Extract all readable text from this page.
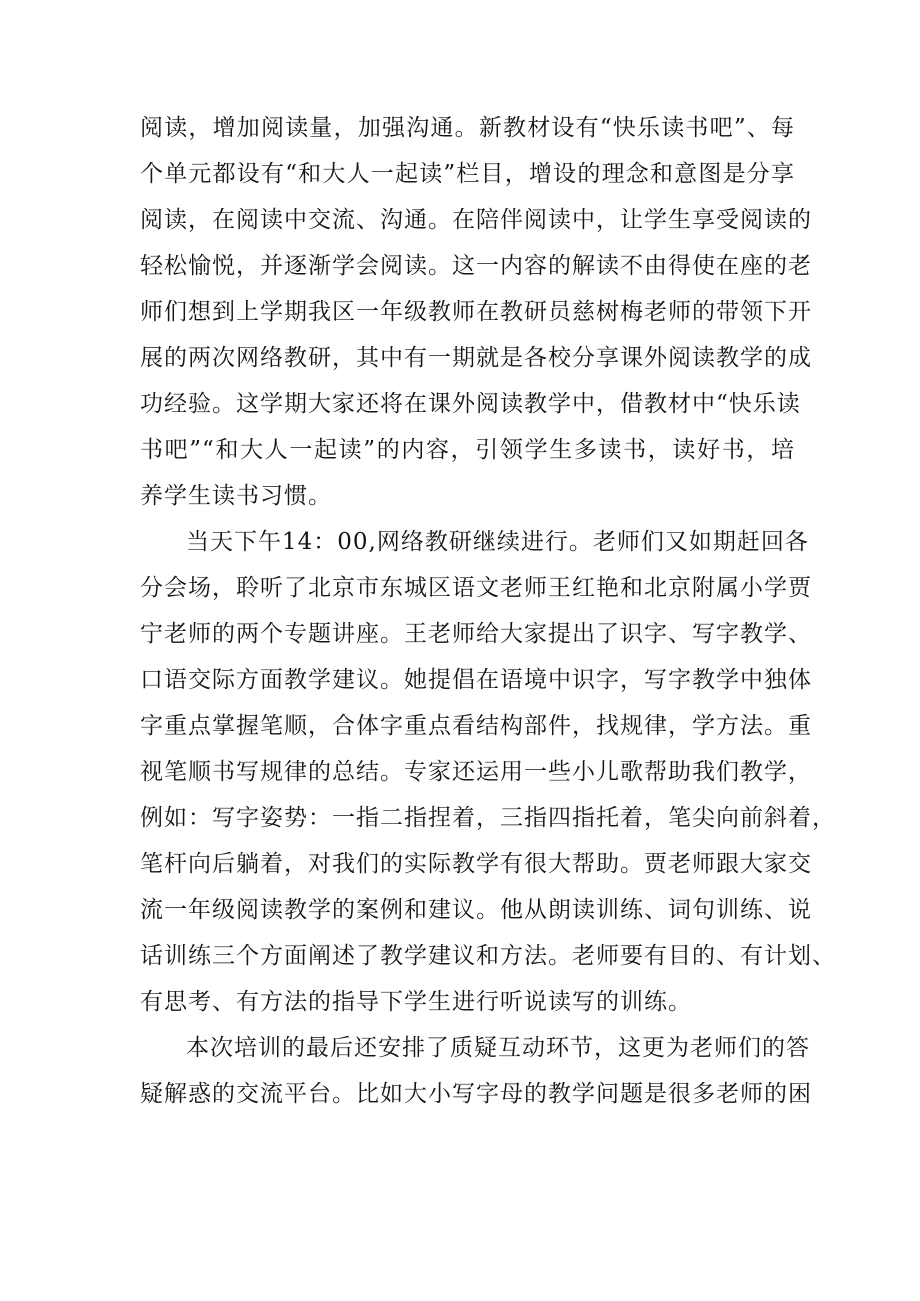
阅读，增加阅读量，加强沟通。新教材设有“快乐读书吧”、每
个单元都设有“和大人一起读”栏目，增设的理念和意图是分享
阅读，在阅读中交流、沟通。在陪伴阅读中，让学生享受阅读的
轻松愉悦，并逐渐学会阅读。这一内容的解读不由得使在座的老
师们想到上学期我区一年级教师在教研员慈树梅老师的带领下开
展的两次网络教研，其中有一期就是各校分享课外阅读教学的成
功经验。这学期大家还将在课外阅读教学中，借教材中“快乐读
书吧”“和大人一起读”的内容，引领学生多读书，读好书，培
养学生读书习惯。
当天下午14：00,网络教研继续进行。老师们又如期赶回各
分会场，聆听了北京市东城区语文老师王红艳和北京附属小学贾
宁老师的两个专题讲座。王老师给大家提出了识字、写字教学、
口语交际方面教学建议。她提倡在语境中识字，写字教学中独体
字重点掌握笔顺，合体字重点看结构部件，找规律，学方法。重
视笔顺书写规律的总结。专家还运用一些小儿歌帮助我们教学，
例如：写字姿势：一指二指捏着，三指四指托着，笔尖向前斜着，
笔杆向后躺着，对我们的实际教学有很大帮助。贾老师跟大家交
流一年级阅读教学的案例和建议。他从朗读训练、词句训练、说
话训练三个方面阐述了教学建议和方法。老师要有目的、有计划、
有思考、有方法的指导下学生进行听说读写的训练。
本次培训的最后还安排了质疑互动环节，这更为老师们的答
疑解惑的交流平台。比如大小写字母的教学问题是很多老师的困
